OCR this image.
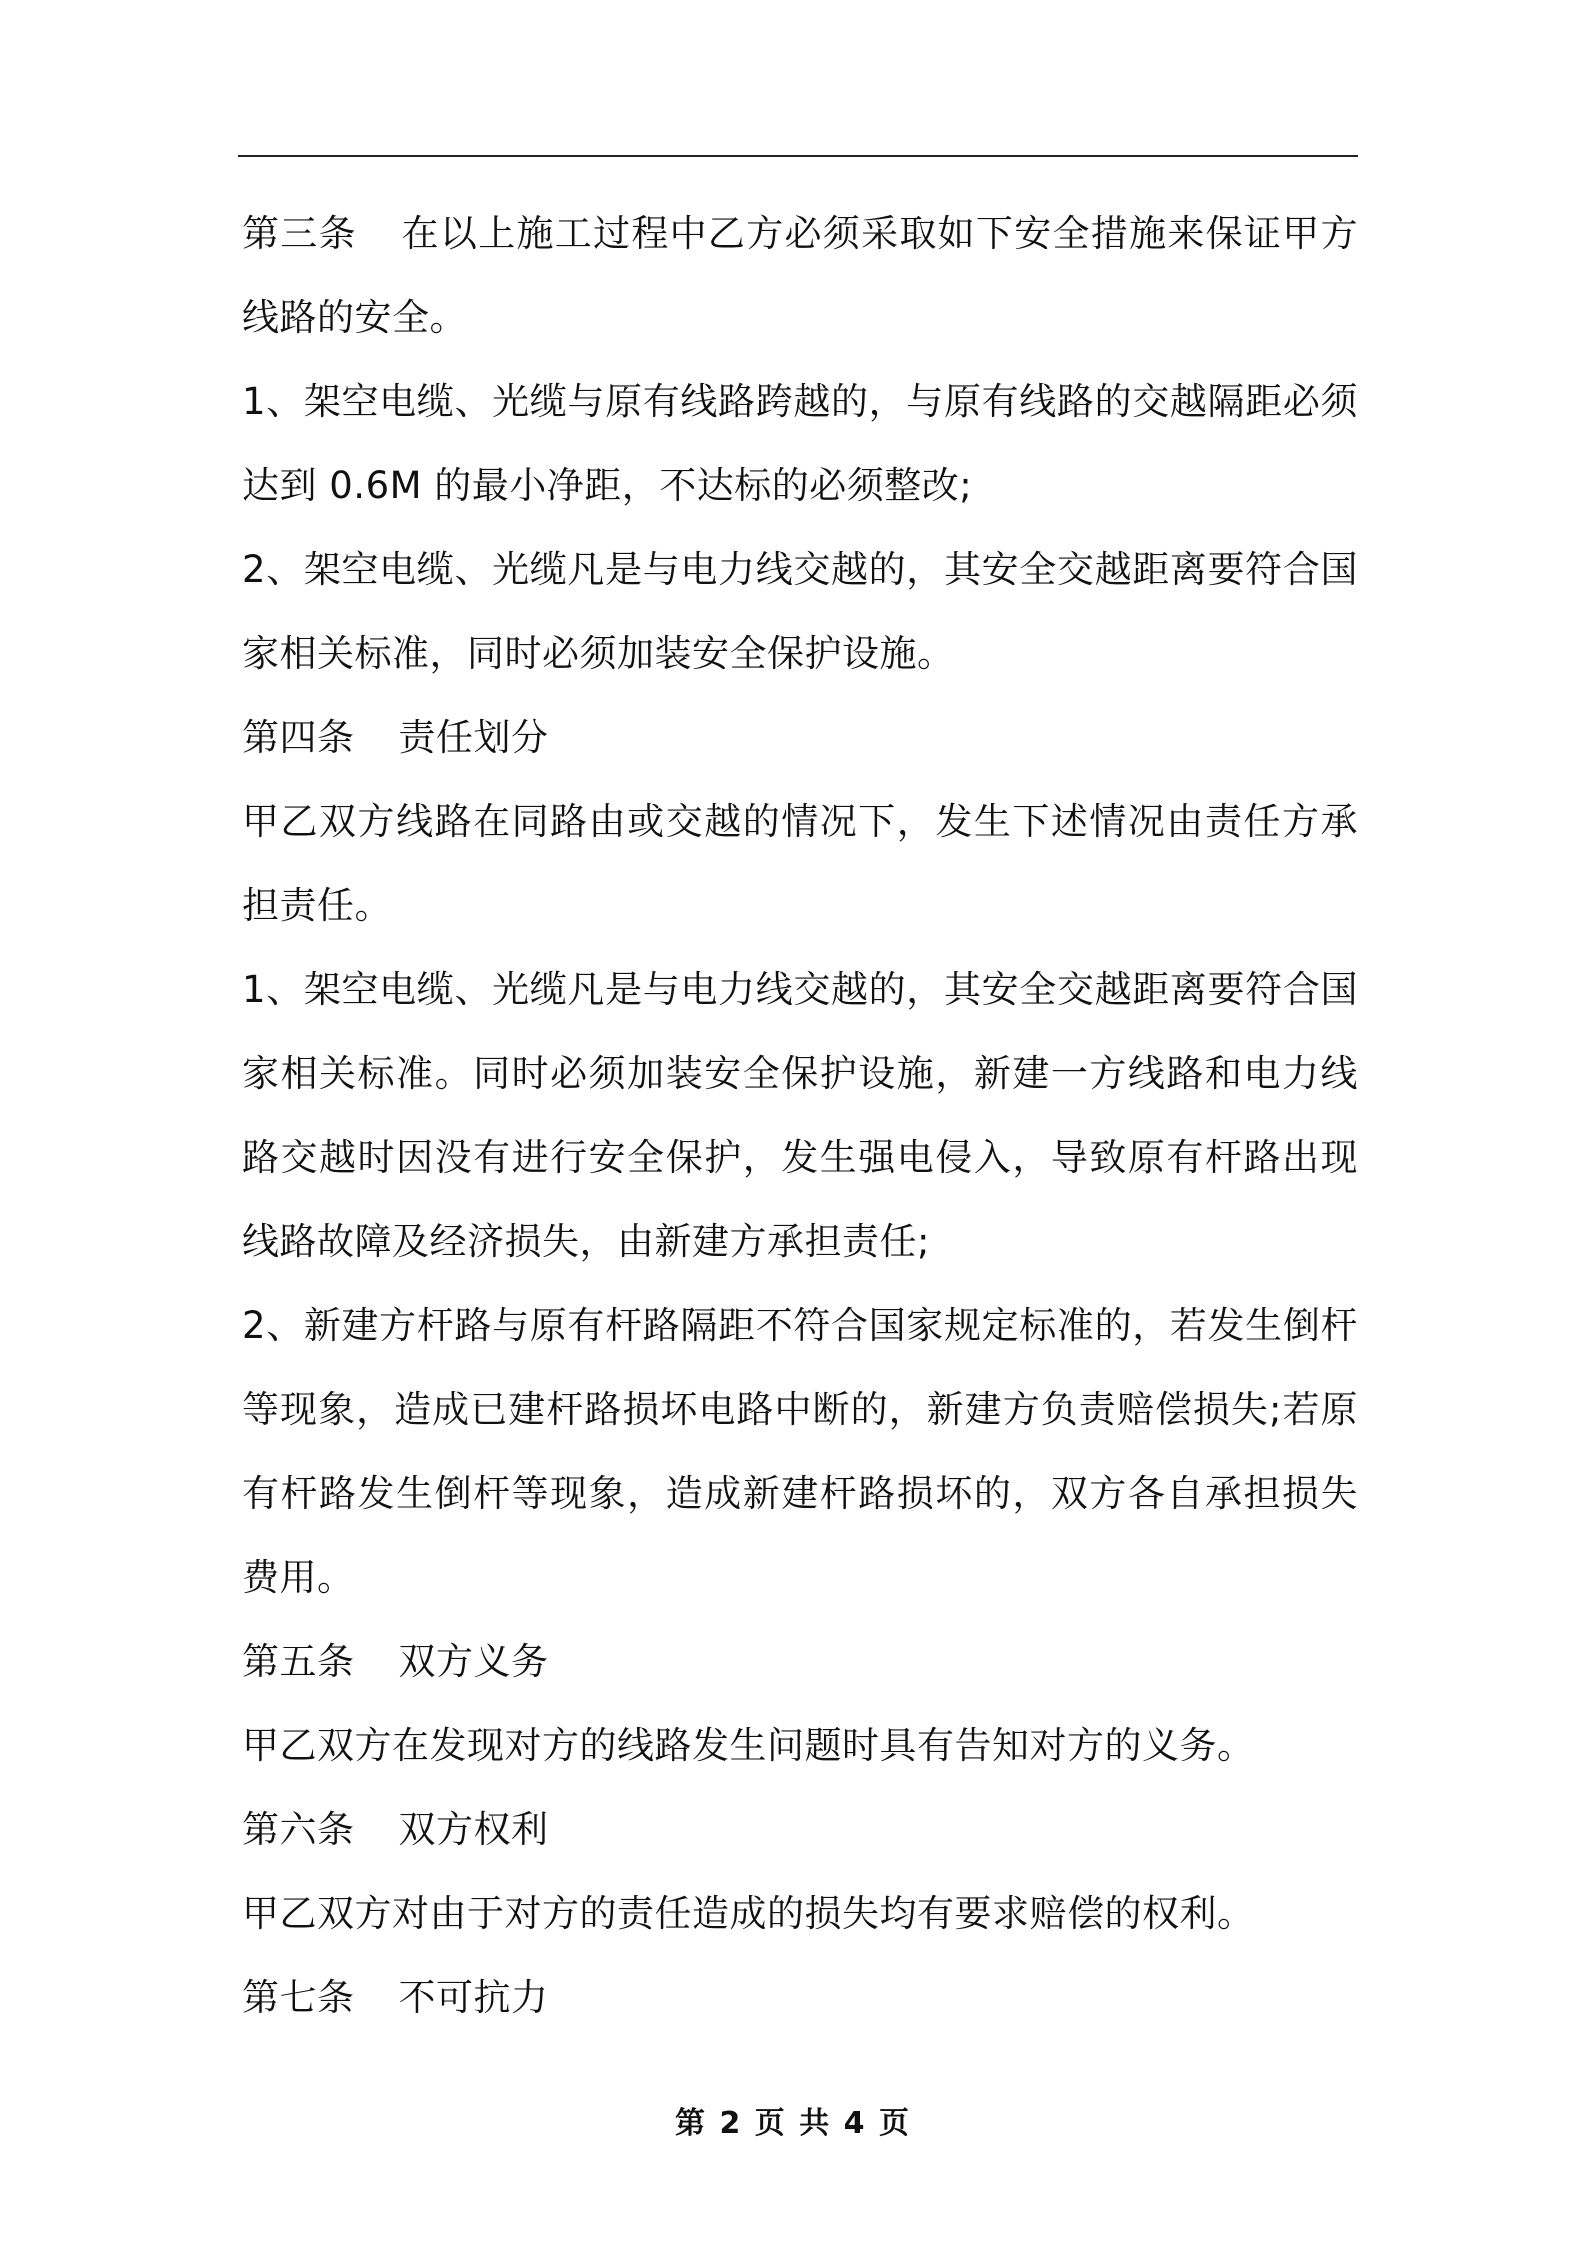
第三条 在以上施工过程中乙方必须采取如下安全措施来保证甲方线路的安全。

1、架空电缆、光缆与原有线路跨越的，与原有线路的交越隔距必须达到 0.6M 的最小净距，不达标的必须整改;

2、架空电缆、光缆凡是与电力线交越的，其安全交越距离要符合国家相关标准，同时必须加装安全保护设施。

第四条 责任划分

甲乙双方线路在同路由或交越的情况下，发生下述情况由责任方承担责任。

1、架空电缆、光缆凡是与电力线交越的，其安全交越距离要符合国家相关标准。同时必须加装安全保护设施，新建一方线路和电力线路交越时因没有进行安全保护，发生强电侵入，导致原有杆路出现线路故障及经济损失，由新建方承担责任;

2、新建方杆路与原有杆路隔距不符合国家规定标准的，若发生倒杆等现象，造成已建杆路损坏电路中断的，新建方负责赔偿损失;若原有杆路发生倒杆等现象，造成新建杆路损坏的，双方各自承担损失费用。

第五条 双方义务

甲乙双方在发现对方的线路发生问题时具有告知对方的义务。

第六条 双方权利

甲乙双方对由于对方的责任造成的损失均有要求赔偿的权利。

第七条 不可抗力

第 2 页 共 4 页
